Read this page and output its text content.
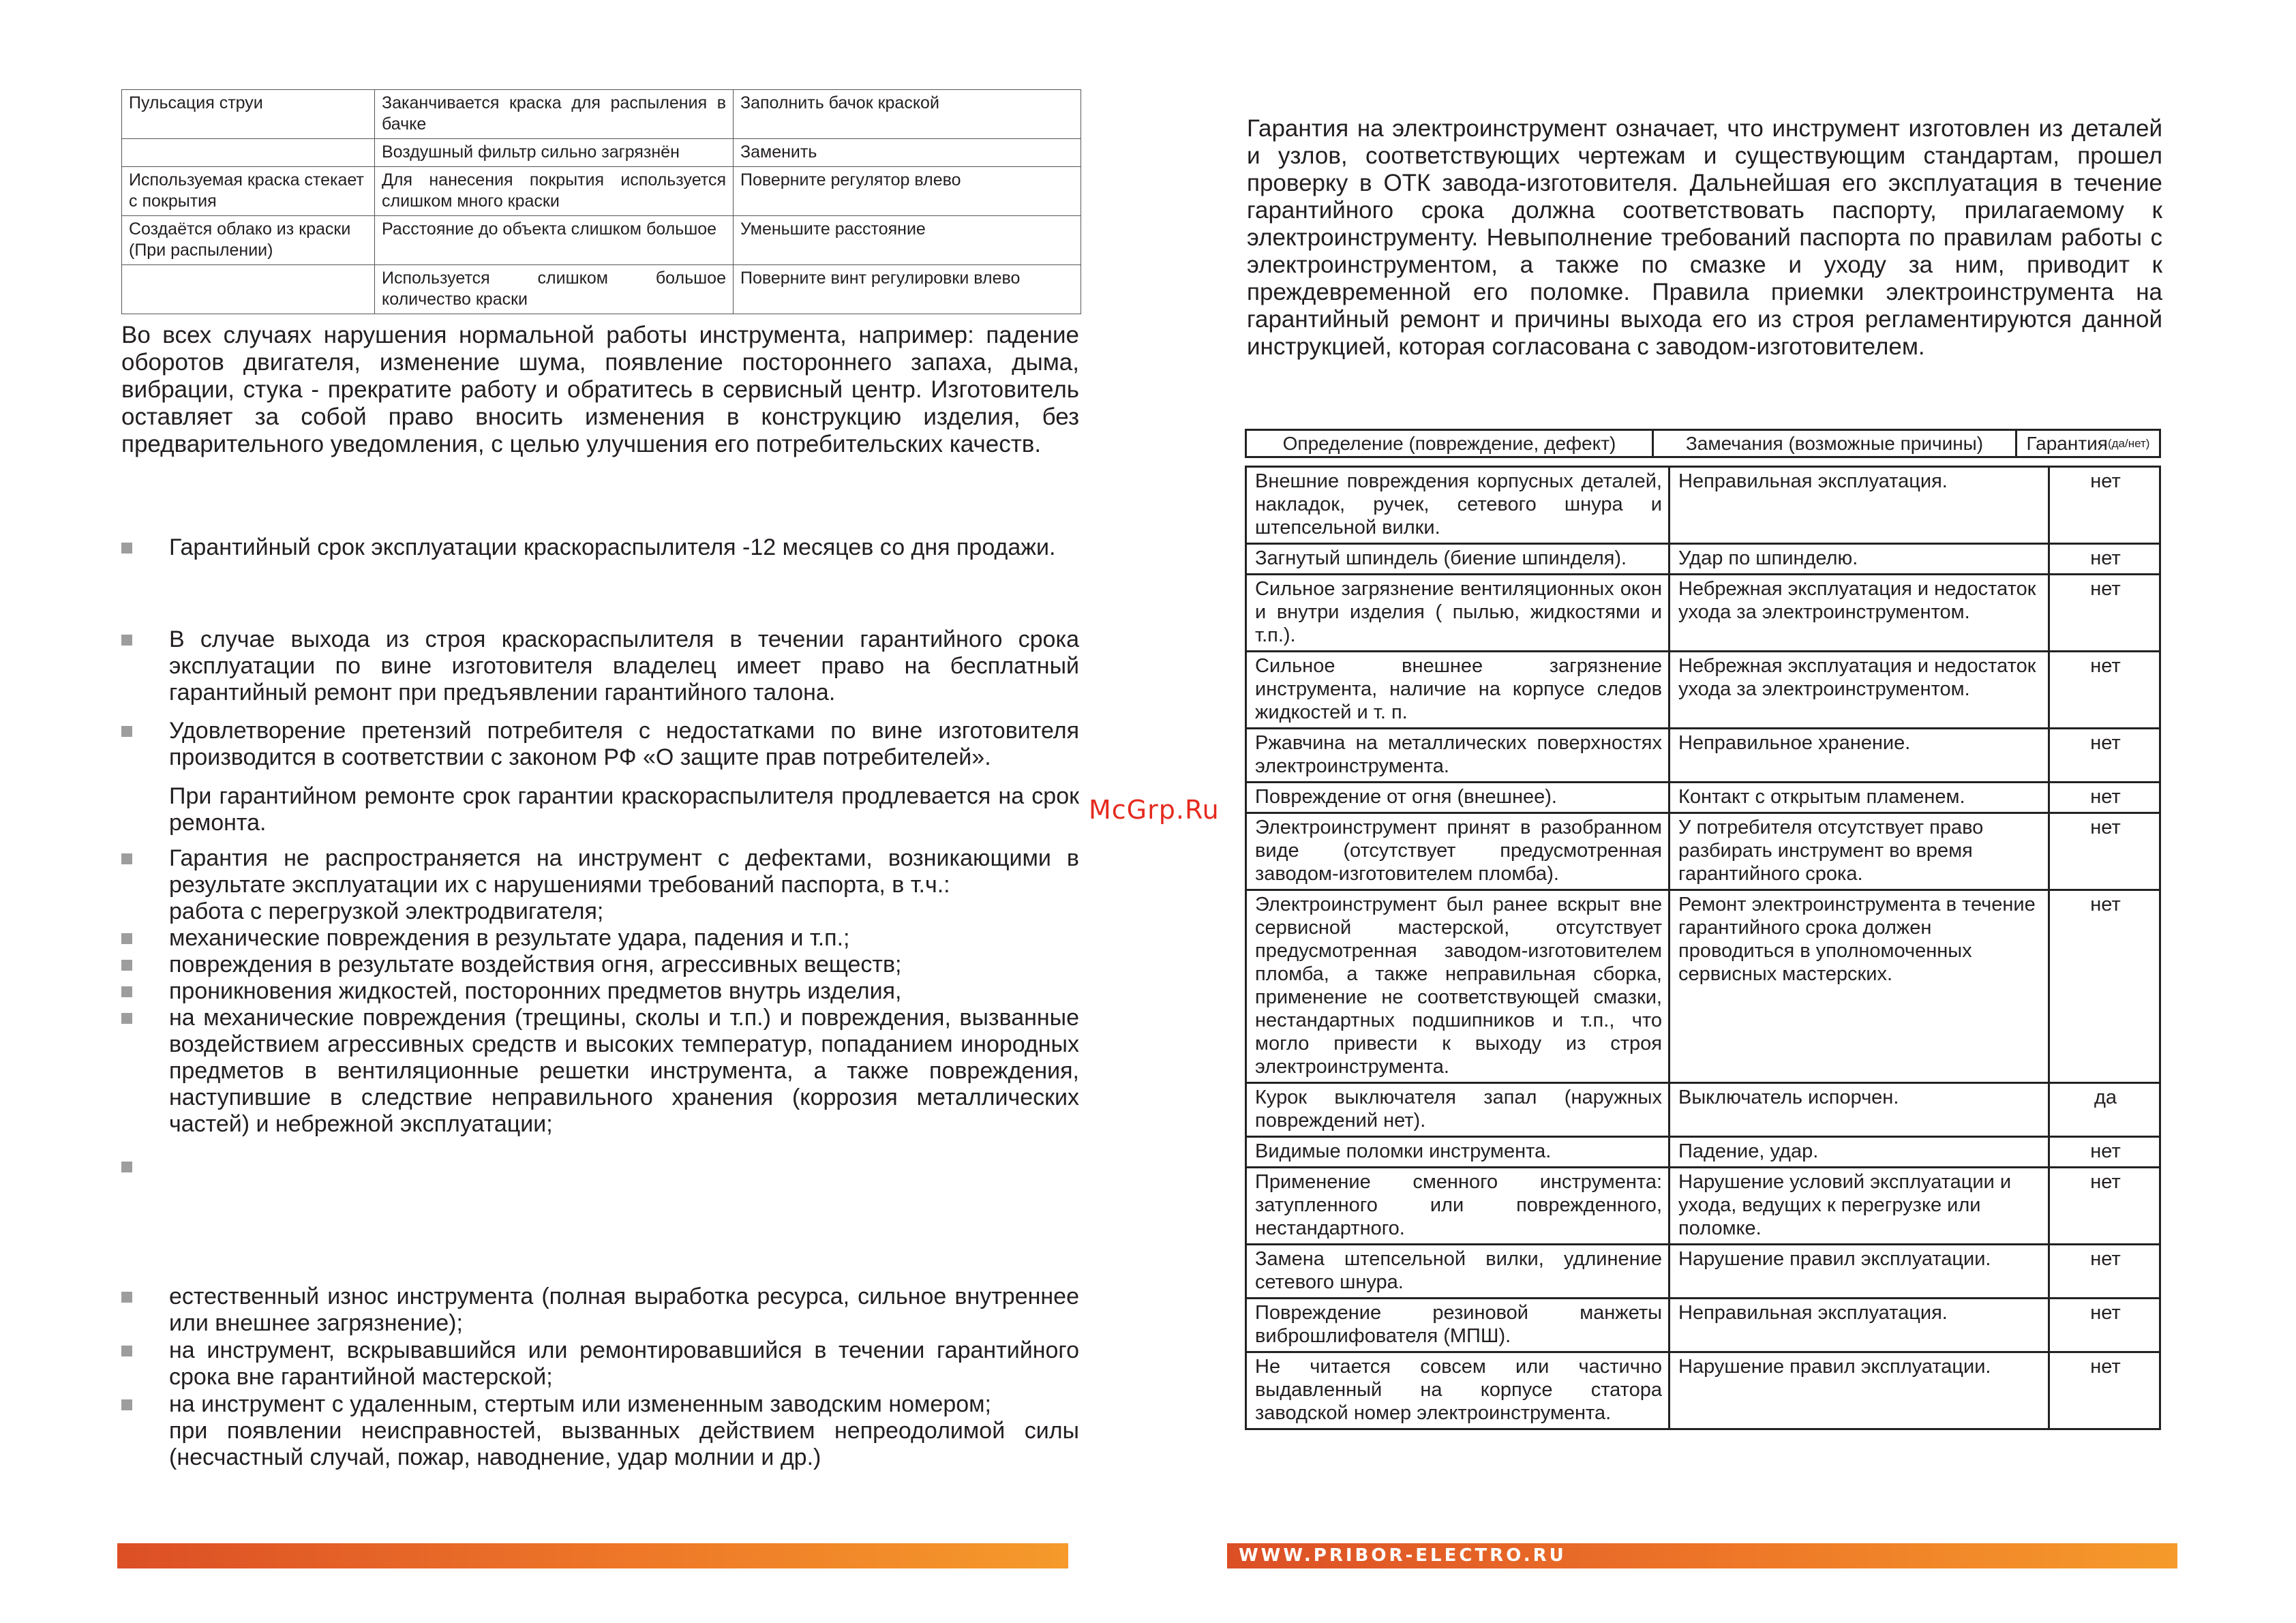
Пульсация струи	Заканчивается краска для распыления в бачке	Заполнить бачок краской
	Воздушный фильтр сильно загрязнён	Заменить
Используемая краска стекает с покрытия	Для нанесения покрытия используется слишком много краски	Поверните регулятор влево
Создаётся облако из краски (При распылении)	Расстояние до объекта слишком большое	Уменьшите расстояние
	Используется слишком большое количество краски	Поверните винт регулировки влево
Во всех случаях нарушения нормальной работы инструмента, например: падение оборотов двигателя, изменение шума, появление постороннего запаха, дыма, вибрации, стука - прекратите работу и обратитесь в сервисный центр. Изготовитель оставляет за собой право вносить изменения в конструкцию изделия, без предварительного уведомления, с целью улучшения его потребительских качеств.
Гарантийный срок эксплуатации краскораспылителя -12 месяцев со дня продажи.
В случае выхода из строя краскораспылителя в течении гарантийного срока эксплуатации по вине изготовителя владелец имеет право на бесплатный гарантийный ремонт при предъявлении гарантийного талона.
Удовлетворение претензий потребителя с недостатками по вине изготовителя производится в соответствии с законом РФ «О защите прав потребителей».
При гарантийном ремонте срок гарантии краскораспылителя продлевается на срок ремонта.
Гарантия не распространяется на инструмент с дефектами, возникающими в результате эксплуатации их с нарушениями требований паспорта, в т.ч.:
работа с перегрузкой электродвигателя;
механические повреждения в результате удара, падения и т.п.;
повреждения в результате воздействия огня, агрессивных веществ;
проникновения жидкостей, посторонних предметов внутрь изделия,
на механические повреждения (трещины, сколы и т.п.) и повреждения, вызванные воздействием агрессивных средств и высоких температур, попаданием инородных предметов в вентиляционные решетки инструмента, а также повреждения, наступившие в следствие неправильного хранения (коррозия металлических частей) и небрежной эксплуатации;
естественный износ инструмента (полная выработка ресурса, сильное внутреннее или внешнее загрязнение);
на инструмент, вскрывавшийся или ремонтировавшийся в течении гарантийного срока вне гарантийной мастерской;
на инструмент с удаленным, стертым или измененным заводским номером;
при появлении неисправностей, вызванных действием непреодолимой силы (несчастный случай, пожар, наводнение, удар молнии и др.)
McGrp.Ru
WWW.PRIBOR-ELECTRO.RU
Гарантия на электроинструмент означает, что инструмент изготовлен из деталей и узлов, соответствующих чертежам и существующим стандартам, прошел проверку в ОТК завода-изготовителя. Дальнейшая его эксплуатация в течение гарантийного срока должна соответствовать паспорту, прилагаемому к электроинструменту. Невыполнение требований паспорта по правилам работы с электроинструментом, а также по смазке и уходу за ним, приводит к преждевременной его поломке. Правила приемки электроинструмента на гарантийный ремонт и причины выхода его из строя регламентируются данной инструкцией, которая согласована с заводом-изготовителем.
Определение (повреждение, дефект)	Замечания (возможные причины)	Гарантия (да/нет)
Внешние повреждения корпусных деталей, накладок, ручек, сетевого шнура и штепсельной вилки.	Неправильная эксплуатация.	нет
Загнутый шпиндель (биение шпинделя).	Удар по шпинделю.	нет
Сильное загрязнение вентиляционных окон и внутри изделия ( пылью, жидкостями и т.п.).	Небрежная эксплуатация и недостаток ухода за электроинструментом.	нет
Сильное внешнее загрязнение инструмента, наличие на корпусе следов жидкостей и т. п.	Небрежная эксплуатация и недостаток ухода за электроинструментом.	нет
Ржавчина на металлических поверхностях электроинструмента.	Неправильное хранение.	нет
Повреждение от огня (внешнее).	Контакт с открытым пламенем.	нет
Электроинструмент принят в разобранном виде (отсутствует предусмотренная заводом-изготовителем пломба).	У потребителя отсутствует право разбирать инструмент во время гарантийного срока.	нет
Электроинструмент был ранее вскрыт вне сервисной мастерской, отсутствует предусмотренная заводом-изготовителем пломба, а также неправильная сборка, применение не соответствующей смазки, нестандартных подшипников и т.п., что могло привести к выходу из строя электроинструмента.	Ремонт электроинструмента в течение гарантийного срока должен проводиться в уполномоченных сервисных мастерских.	нет
Курок выключателя запал (наружных повреждений нет).	Выключатель испорчен.	да
Видимые поломки инструмента.	Падение, удар.	нет
Применение сменного инструмента: затупленного или поврежденного, нестандартного.	Нарушение условий эксплуатации и ухода, ведущих к перегрузке или поломке.	нет
Замена штепсельной вилки, удлинение сетевого шнура.	Нарушение правил эксплуатации.	нет
Повреждение резиновой манжеты виброшлифователя (МПШ).	Неправильная эксплуатация.	нет
Не читается совсем или частично выдавленный на корпусе статора заводской номер электроинструмента.	Нарушение правил эксплуатации.	нет
